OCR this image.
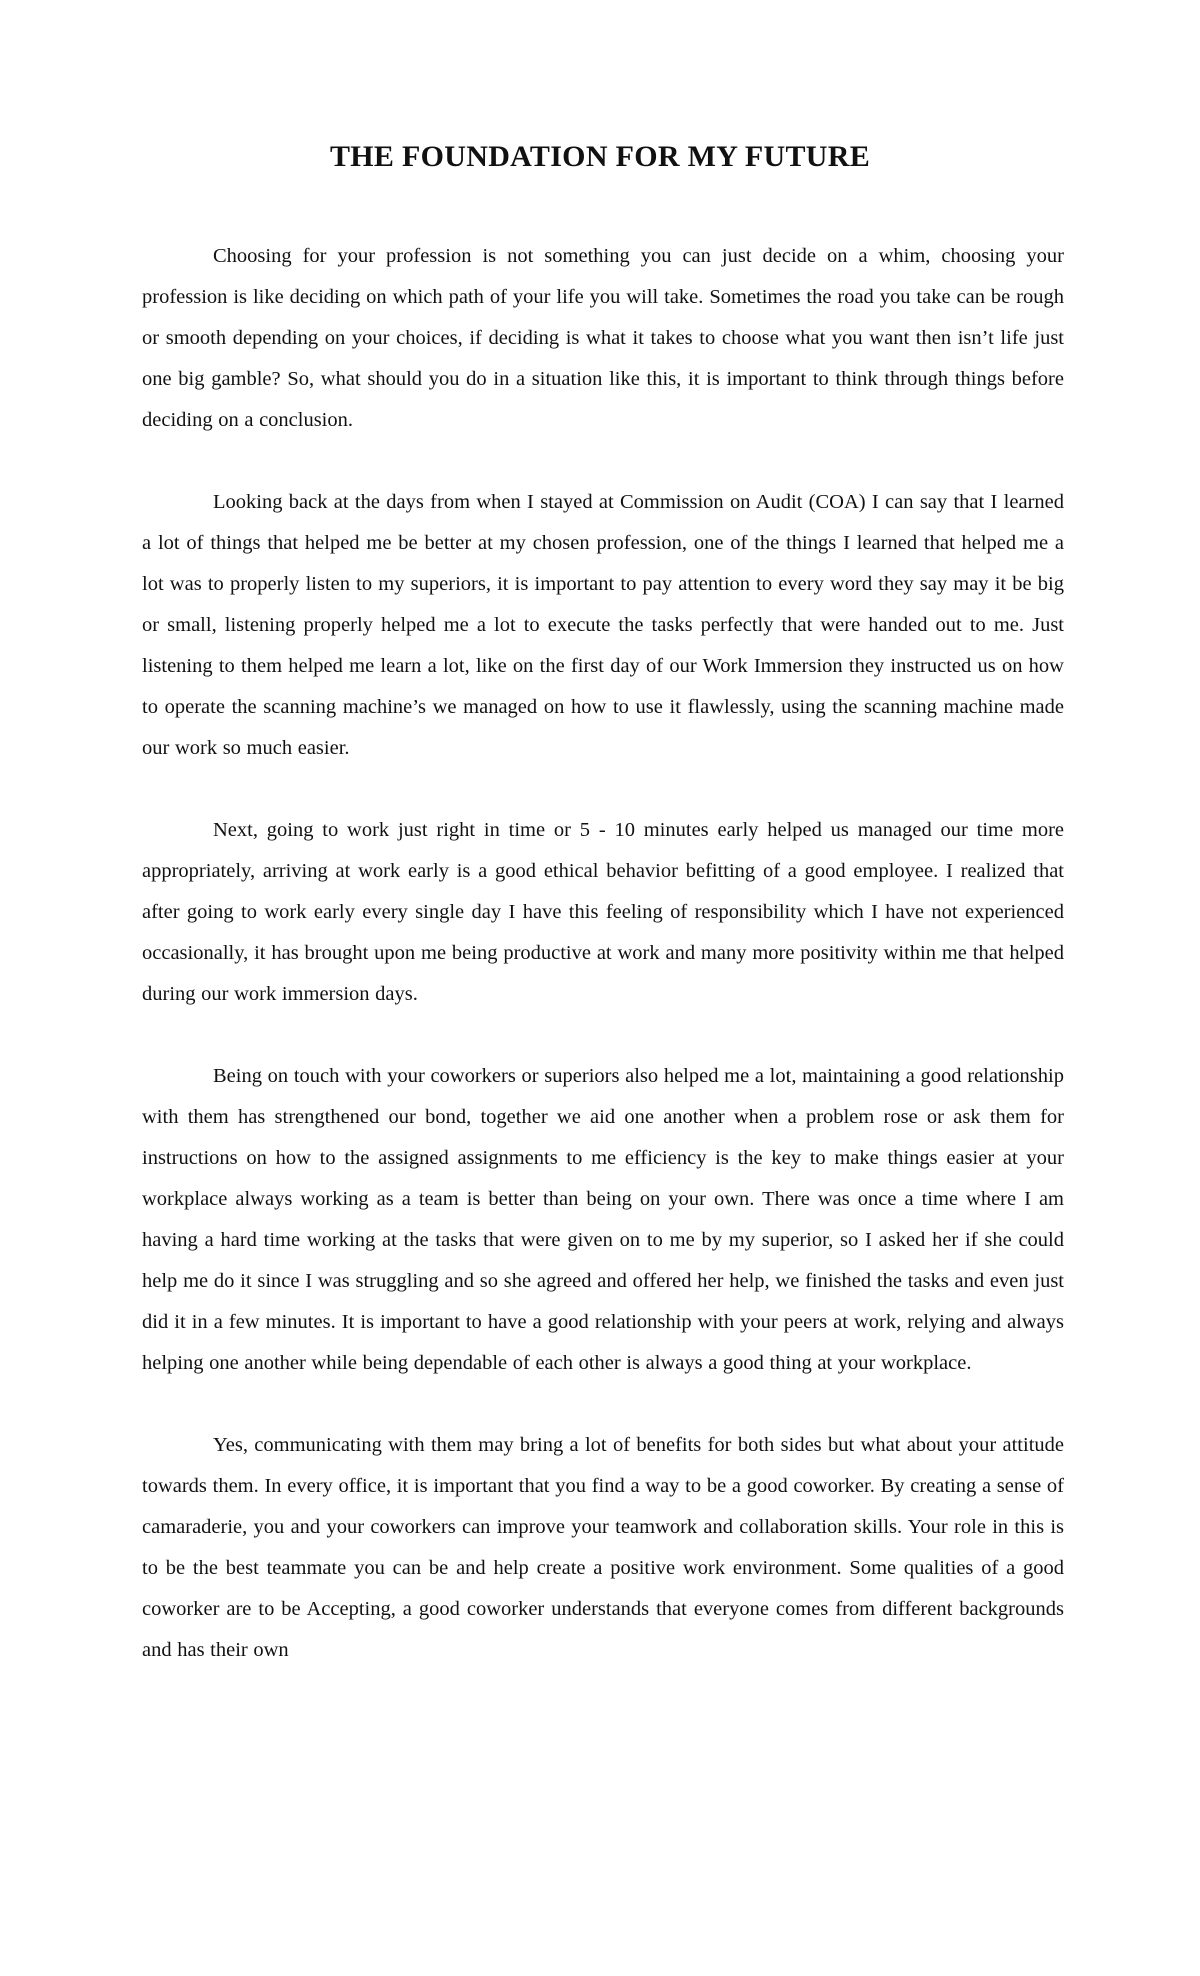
THE FOUNDATION FOR MY FUTURE

Choosing for your profession is not something you can just decide on a whim, choosing your profession is like deciding on which path of your life you will take. Sometimes the road you take can be rough or smooth depending on your choices, if deciding is what it takes to choose what you want then isn’t life just one big gamble? So, what should you do in a situation like this, it is important to think through things before deciding on a conclusion.

Looking back at the days from when I stayed at Commission on Audit (COA) I can say that I learned a lot of things that helped me be better at my chosen profession, one of the things I learned that helped me a lot was to properly listen to my superiors, it is important to pay attention to every word they say may it be big or small, listening properly helped me a lot to execute the tasks perfectly that were handed out to me. Just listening to them helped me learn a lot, like on the first day of our Work Immersion they instructed us on how to operate the scanning machine’s we managed on how to use it flawlessly, using the scanning machine made our work so much easier.

Next, going to work just right in time or 5 - 10 minutes early helped us managed our time more appropriately, arriving at work early is a good ethical behavior befitting of a good employee. I realized that after going to work early every single day I have this feeling of responsibility which I have not experienced occasionally, it has brought upon me being productive at work and many more positivity within me that helped during our work immersion days.

Being on touch with your coworkers or superiors also helped me a lot, maintaining a good relationship with them has strengthened our bond, together we aid one another when a problem rose or ask them for instructions on how to the assigned assignments to me efficiency is the key to make things easier at your workplace always working as a team is better than being on your own. There was once a time where I am having a hard time working at the tasks that were given on to me by my superior, so I asked her if she could help me do it since I was struggling and so she agreed and offered her help, we finished the tasks and even just did it in a few minutes. It is important to have a good relationship with your peers at work, relying and always helping one another while being dependable of each other is always a good thing at your workplace.

Yes, communicating with them may bring a lot of benefits for both sides but what about your attitude towards them. In every office, it is important that you find a way to be a good coworker. By creating a sense of camaraderie, you and your coworkers can improve your teamwork and collaboration skills. Your role in this is to be the best teammate you can be and help create a positive work environment. Some qualities of a good coworker are to be Accepting, a good coworker understands that everyone comes from different backgrounds and has their own
